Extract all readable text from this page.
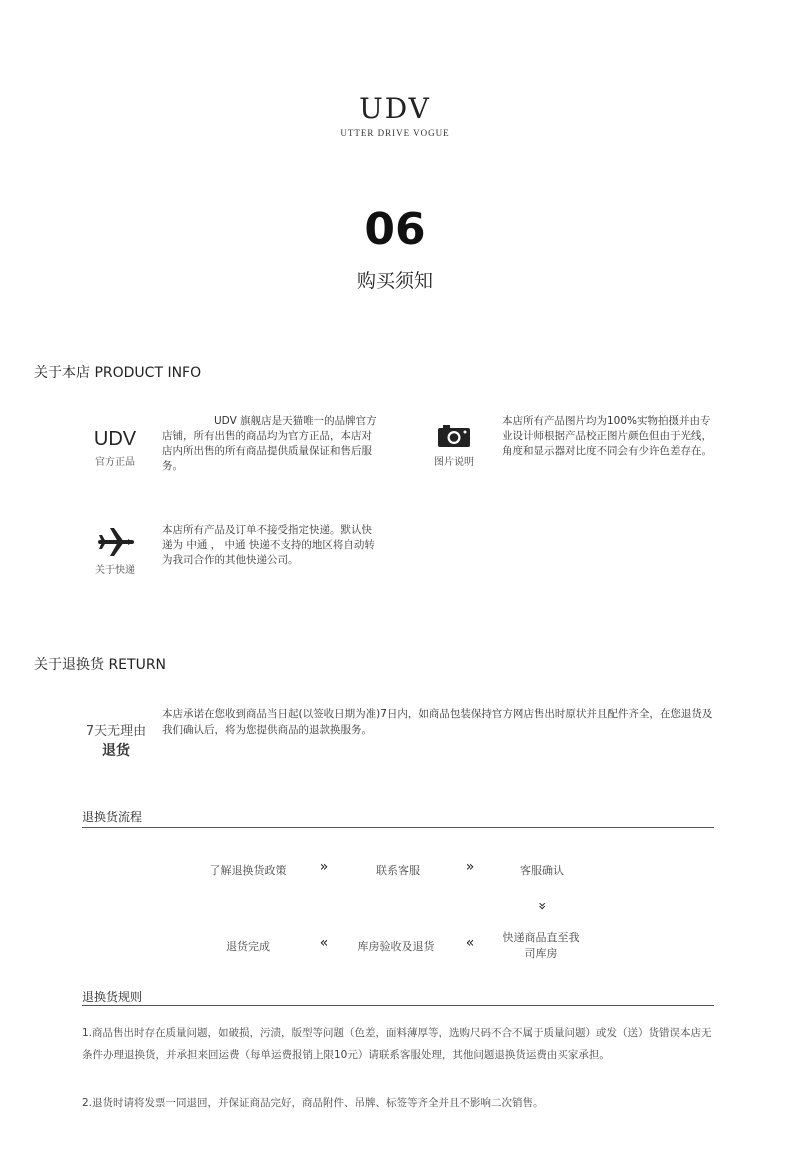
UDV
UTTER DRIVE VOGUE
06
购买须知
关于本店 PRODUCT INFO
UDV
官方正品
UDV 旗舰店是天猫唯一的品牌官方店铺，所有出售的商品均为官方正品，本店对店内所出售的所有商品提供质量保证和售后服务。	图片说明
本店所有产品图片均为100%实物拍摄并由专业设计师根据产品校正图片颜色但由于光线，角度和显示器对比度不同会有少许色差存在。
关于快递
本店所有产品及订单不接受指定快递。默认快递为 中通 ， 中通 快递不支持的地区将自动转为我司合作的其他快递公司。
关于退换货 RETURN
7天无理由
退货
本店承诺在您收到商品当日起(以签收日期为准)7日内，如商品包装保持官方网店售出时原状并且配件齐全，在您退货及我们确认后，将为您提供商品的退款换服务。
退换货流程
了解退换货政策	»	联系客服	»	客服确认
»
退货完成	«	库房验收及退货	«	快递商品直至我司库房
退换货规则
1.商品售出时存在质量问题，如破损，污渍，版型等问题（色差，面料薄厚等，选购尺码不合不属于质量问题）或发（送）货错误本店无条件办理退换货，并承担来回运费（每单运费报销上限10元）请联系客服处理，其他问题退换货运费由买家承担。
2.退货时请将发票一同退回，并保证商品完好，商品附件、吊牌、标签等齐全并且不影响二次销售。
